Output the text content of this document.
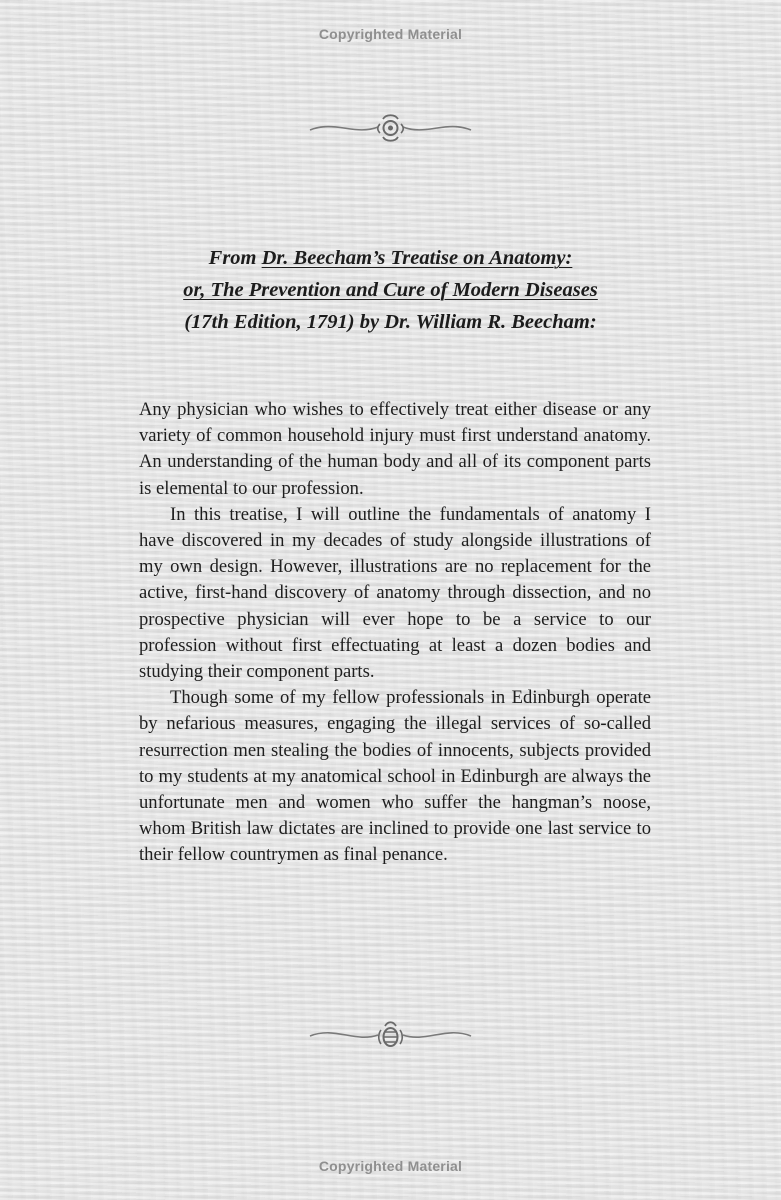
Copyrighted Material
From Dr. Beecham’s Treatise on Anatomy:
or, The Prevention and Cure of Modern Diseases
(17th Edition, 1791) by Dr. William R. Beecham:

Any physician who wishes to effectively treat either disease or any variety of common household injury must first understand anatomy. An understanding of the human body and all of its component parts is elemental to our profession.

In this treatise, I will outline the fundamentals of anatomy I have discovered in my decades of study alongside illustrations of my own design. However, illustrations are no replacement for the active, first-hand discovery of anatomy through dissection, and no prospective physician will ever hope to be a service to our profession without first effectuating at least a dozen bodies and studying their component parts.

Though some of my fellow professionals in Edinburgh operate by nefarious measures, engaging the illegal services of so-called resurrection men stealing the bodies of innocents, subjects provided to my students at my anatomical school in Edinburgh are always the unfortunate men and women who suffer the hangman’s noose, whom British law dictates are inclined to provide one last service to their fellow countrymen as final penance.

Copyrighted Material
